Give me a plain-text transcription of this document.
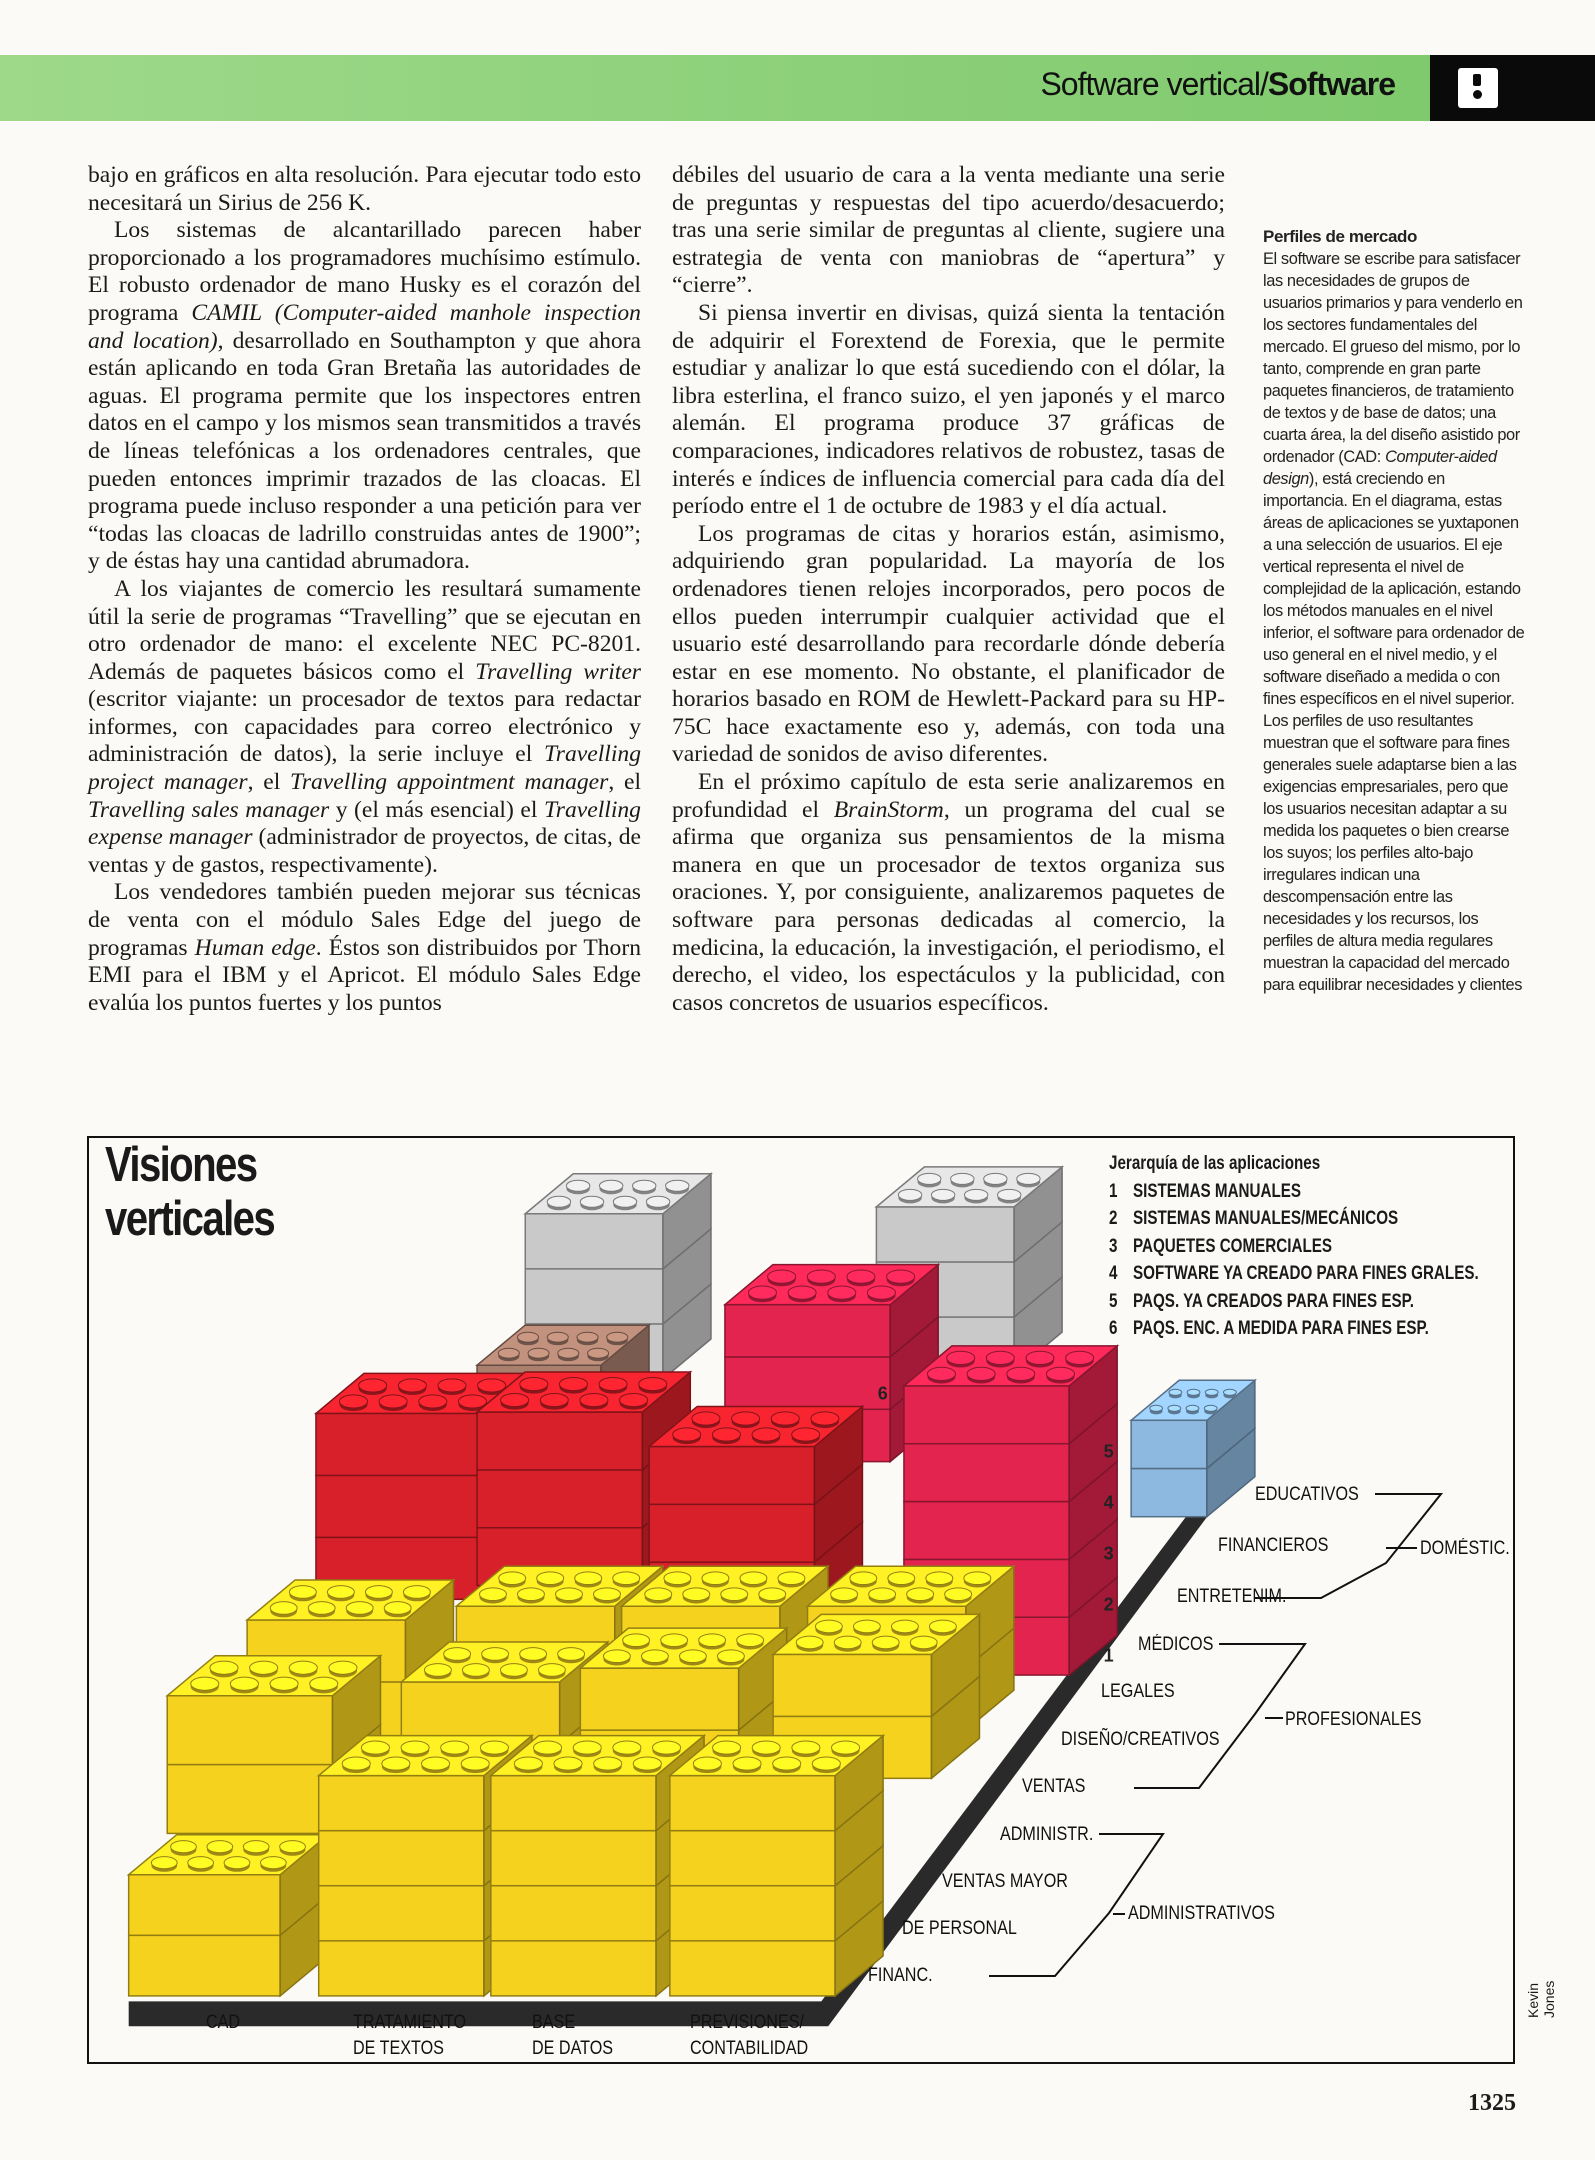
Software vertical/Software

bajo en gráficos en alta resolución. Para ejecutar todo esto necesitará un Sirius de 256 K.

Los sistemas de alcantarillado parecen haber proporcionado a los programadores muchísimo estímulo. El robusto ordenador de mano Husky es el corazón del programa CAMIL (Computer-aided manhole inspection and location), desarrollado en Southampton y que ahora están aplicando en toda Gran Bretaña las autoridades de aguas. El programa permite que los inspectores entren datos en el campo y los mismos sean transmitidos a través de líneas telefónicas a los ordenadores centrales, que pueden entonces imprimir trazados de las cloacas. El programa puede incluso responder a una petición para ver “todas las cloacas de ladrillo construidas antes de 1900”; y de éstas hay una cantidad abrumadora.

A los viajantes de comercio les resultará sumamente útil la serie de programas “Travelling” que se ejecutan en otro ordenador de mano: el excelente NEC PC-8201. Además de paquetes básicos como el Travelling writer (escritor viajante: un procesador de textos para redactar informes, con capacidades para correo electrónico y administración de datos), la serie incluye el Travelling project manager, el Travelling appointment manager, el Travelling sales manager y (el más esencial) el Travelling expense manager (administrador de proyectos, de citas, de ventas y de gastos, respectivamente).

Los vendedores también pueden mejorar sus técnicas de venta con el módulo Sales Edge del juego de programas Human edge. Éstos son distribuidos por Thorn EMI para el IBM y el Apricot. El módulo Sales Edge evalúa los puntos fuertes y los puntos

débiles del usuario de cara a la venta mediante una serie de preguntas y respuestas del tipo acuerdo/desacuerdo; tras una serie similar de preguntas al cliente, sugiere una estrategia de venta con maniobras de “apertura” y “cierre”.

Si piensa invertir en divisas, quizá sienta la tentación de adquirir el Forextend de Forexia, que le permite estudiar y analizar lo que está sucediendo con el dólar, la libra esterlina, el franco suizo, el yen japonés y el marco alemán. El programa produce 37 gráficas de comparaciones, indicadores relativos de robustez, tasas de interés e índices de influencia comercial para cada día del período entre el 1 de octubre de 1983 y el día actual.

Los programas de citas y horarios están, asimismo, adquiriendo gran popularidad. La mayoría de los ordenadores tienen relojes incorporados, pero pocos de ellos pueden interrumpir cualquier actividad que el usuario esté desarrollando para recordarle dónde debería estar en ese momento. No obstante, el planificador de horarios basado en ROM de Hewlett-Packard para su HP-75C hace exactamente eso y, además, con toda una variedad de sonidos de aviso diferentes.

En el próximo capítulo de esta serie analizaremos en profundidad el BrainStorm, un programa del cual se afirma que organiza sus pensamientos de la misma manera en que un procesador de textos organiza sus oraciones. Y, por consiguiente, analizaremos paquetes de software para personas dedicadas al comercio, la medicina, la educación, la investigación, el periodismo, el derecho, el video, los espectáculos y la publicidad, con casos concretos de usuarios específicos.

Perfiles de mercado
El software se escribe para satisfacer las necesidades de grupos de usuarios primarios y para venderlo en los sectores fundamentales del mercado. El grueso del mismo, por lo tanto, comprende en gran parte paquetes financieros, de tratamiento de textos y de base de datos; una cuarta área, la del diseño asistido por ordenador (CAD: Computer-aided design), está creciendo en importancia. En el diagrama, estas áreas de aplicaciones se yuxtaponen a una selección de usuarios. El eje vertical representa el nivel de complejidad de la aplicación, estando los métodos manuales en el nivel inferior, el software para ordenador de uso general en el nivel medio, y el software diseñado a medida o con fines específicos en el nivel superior. Los perfiles de uso resultantes muestran que el software para fines generales suele adaptarse bien a las exigencias empresariales, pero que los usuarios necesitan adaptar a su medida los paquetes o bien crearse los suyos; los perfiles alto-bajo irregulares indican una descompensación entre las necesidades y los recursos, los perfiles de altura media regulares muestran la capacidad del mercado para equilibrar necesidades y clientes
1
2
3
4
5
6
Visiones
verticales
Jerarquía de las aplicaciones
1 SISTEMAS MANUALES
2 SISTEMAS MANUALES/MECÁNICOS
3 PAQUETES COMERCIALES
4 SOFTWARE YA CREADO PARA FINES GRALES.
5 PAQS. YA CREADOS PARA FINES ESP.
6 PAQS. ENC. A MEDIDA PARA FINES ESP.
EDUCATIVOS
FINANCIEROS
ENTRETENIM.
DOMÉSTIC.
MÉDICOS
LEGALES
DISEÑO/CREATIVOS
VENTAS
PROFESIONALES
ADMINISTR.
VENTAS MAYOR
DE PERSONAL
FINANC.
ADMINISTRATIVOS
CAD	TRATAMIENTO
DE TEXTOS
BASE
DE DATOS
PREVISIONES/
CONTABILIDAD
Kevin Jones
1325
